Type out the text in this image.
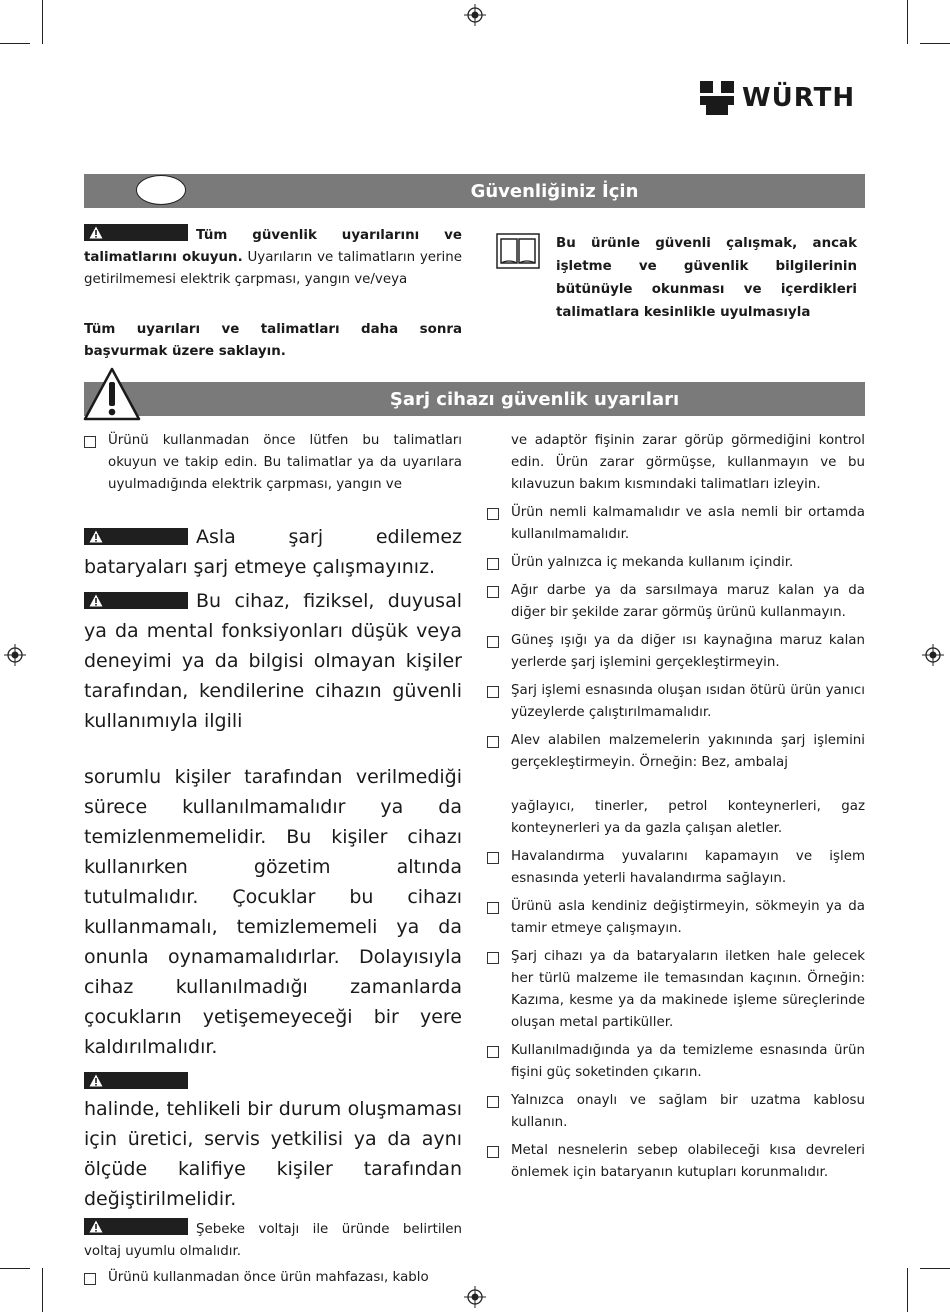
WÜRTH
Güvenliğiniz İçin

Tüm güvenlik uyarılarını ve talimatlarını okuyun. Uyarıların ve talimatların yerine getirilmemesi elektrik çarpması, yangın ve/veya

Tüm uyarıları ve talimatları daha sonra başvurmak üzere saklayın.

Bu ürünle güvenli çalışmak, ancak işletme ve güvenlik bilgilerinin bütünüyle okunması ve içerdikleri talimatlara kesinlikle uyulmasıyla
Şarj cihazı güvenlik uyarıları
Ürünü kullanmadan önce lütfen bu talimatları okuyun ve takip edin. Bu talimatlar ya da uyarılara uyulmadığında elektrik çarpması, yangın ve

Asla şarj edilemez bataryaları şarj etmeye çalışmayınız.

Bu cihaz, fiziksel, duyusal ya da mental fonksiyonları düşük veya deneyimi ya da bilgisi olmayan kişiler tarafından, kendilerine cihazın güvenli kullanımıyla ilgili

sorumlu kişiler tarafından verilmediği sürece kullanılmamalıdır ya da temizlenmemelidir. Bu kişiler cihazı kullanırken gözetim altında tutulmalıdır. Çocuklar bu cihazı kullanmamalı, temizlememeli ya da onunla oynamamalıdırlar. Dolayısıyla cihaz kullanılmadığı zamanlarda çocukların yetişemeyeceği bir yere kaldırılmalıdır.

halinde, tehlikeli bir durum oluşmaması için üretici, servis yetkilisi ya da aynı ölçüde kalifiye kişiler tarafından değiştirilmelidir.

Şebeke voltajı ile üründe belirtilen voltaj uyumlu olmalıdır.

Ürünü kullanmadan önce ürün mahfazası, kablo

ve adaptör fişinin zarar görüp görmediğini kontrol edin. Ürün zarar görmüşse, kullanmayın ve bu kılavuzun bakım kısmındaki talimatları izleyin.

Ürün nemli kalmamalıdır ve asla nemli bir ortamda kullanılmamalıdır.
Ürün yalnızca iç mekanda kullanım içindir.
Ağır darbe ya da sarsılmaya maruz kalan ya da diğer bir şekilde zarar görmüş ürünü kullanmayın.
Güneş ışığı ya da diğer ısı kaynağına maruz kalan yerlerde şarj işlemini gerçekleştirmeyin.
Şarj işlemi esnasında oluşan ısıdan ötürü ürün yanıcı yüzeylerde çalıştırılmamalıdır.
Alev alabilen malzemelerin yakınında şarj işlemini gerçekleştirmeyin. Örneğin: Bez, ambalaj

yağlayıcı, tinerler, petrol konteynerleri, gaz konteynerleri ya da gazla çalışan aletler.

Havalandırma yuvalarını kapamayın ve işlem esnasında yeterli havalandırma sağlayın.
Ürünü asla kendiniz değiştirmeyin, sökmeyin ya da tamir etmeye çalışmayın.
Şarj cihazı ya da bataryaların iletken hale gelecek her türlü malzeme ile temasından kaçının. Örneğin: Kazıma, kesme ya da makinede işleme süreçlerinde oluşan metal partiküller.
Kullanılmadığında ya da temizleme esnasında ürün fişini güç soketinden çıkarın.
Yalnızca onaylı ve sağlam bir uzatma kablosu kullanın.
Metal nesnelerin sebep olabileceği kısa devreleri önlemek için bataryanın kutupları korunmalıdır.
